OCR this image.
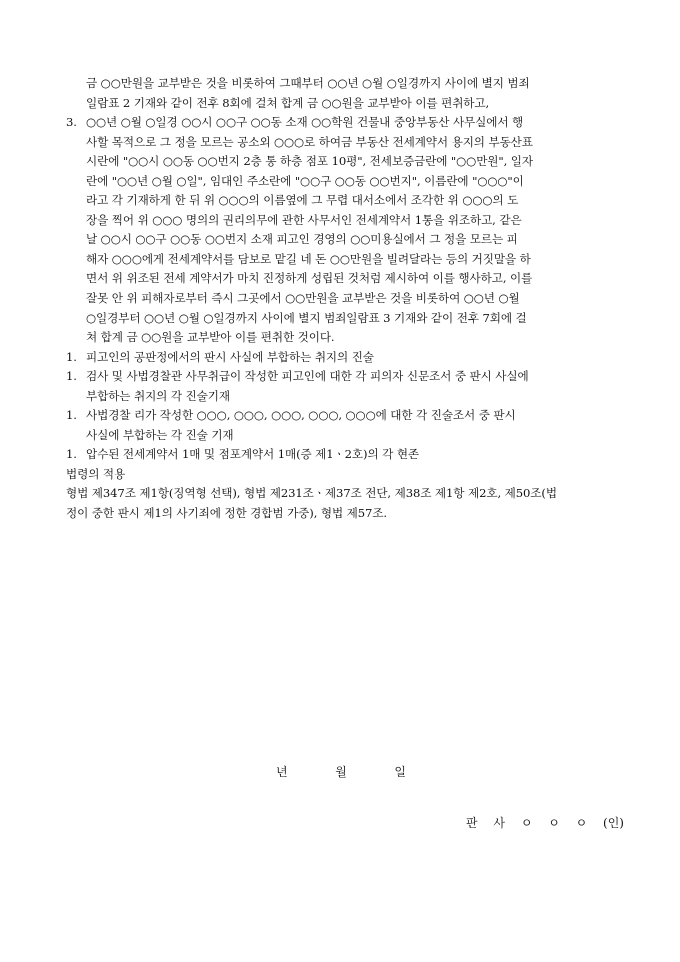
금 ○○만원을 교부받은 것을 비롯하여 그때부터 ○○년 ○월 ○일경까지 사이에 별지 범죄
일람표 2 기재와 같이 전후 8회에 걸쳐 합계 금 ○○원을 교부받아 이를 편취하고,
3. ○○년 ○월 ○일경 ○○시 ○○구 ○○동 소재 ○○학원 건물내 중앙부동산 사무실에서 행
사할 목적으로 그 정을 모르는 공소외 ○○○로 하여금 부동산 전세계약서 용지의 부동산표
시란에 "○○시 ○○동 ○○번지 2층 통 하층 점포 10평", 전세보증금란에 "○○만원", 일자
란에 "○○년 ○월 ○일", 임대인 주소란에 "○○구 ○○동 ○○번지", 이름란에 "○○○"이
라고 각 기재하게 한 뒤 위 ○○○의 이름옆에 그 무렵 대서소에서 조각한 위 ○○○의 도
장을 찍어 위 ○○○ 명의의 권리의무에 관한 사무서인 전세계약서 1통을 위조하고, 같은
날 ○○시 ○○구 ○○동 ○○번지 소재 피고인 경영의 ○○미용실에서 그 정을 모르는 피
해자 ○○○에게 전세계약서를 담보로 맡길 네 돈 ○○만원을 빌려달라는 등의 거짓말을 하
면서 위 위조된 전세 계약서가 마치 진정하게 성립된 것처럼 제시하여 이를 행사하고, 이를
잘못 안 위 피해자로부터 즉시 그곳에서 ○○만원을 교부받은 것을 비롯하여 ○○년 ○월
○일경부터 ○○년 ○월 ○일경까지 사이에 별지 범죄일람표 3 기재와 같이 전후 7회에 걸
쳐 합계 금 ○○원을 교부받아 이를 편취한 것이다.
1. 피고인의 공판정에서의 판시 사실에 부합하는 취지의 진술
1. 검사 및 사법경찰관 사무취급이 작성한 피고인에 대한 각 피의자 신문조서 중 판시 사실에
부합하는 취지의 각 진술기재
1. 사법경찰 리가 작성한 ○○○, ○○○, ○○○, ○○○, ○○○에 대한 각 진술조서 중 판시
사실에 부합하는 각 진술 기재
1. 압수된 전세계약서 1매 및 점포계약서 1매(증 제1ㆍ2호)의 각 현존
법령의 적용
형법 제347조 제1항(징역형 선택), 형법 제231조ㆍ제37조 전단, 제38조 제1항 제2호, 제50조(법
정이 중한 판시 제1의 사기죄에 정한 경합범 가중), 형법 제57조.
년	월	일
판 사 ㅇ ㅇ ㅇ (인)
